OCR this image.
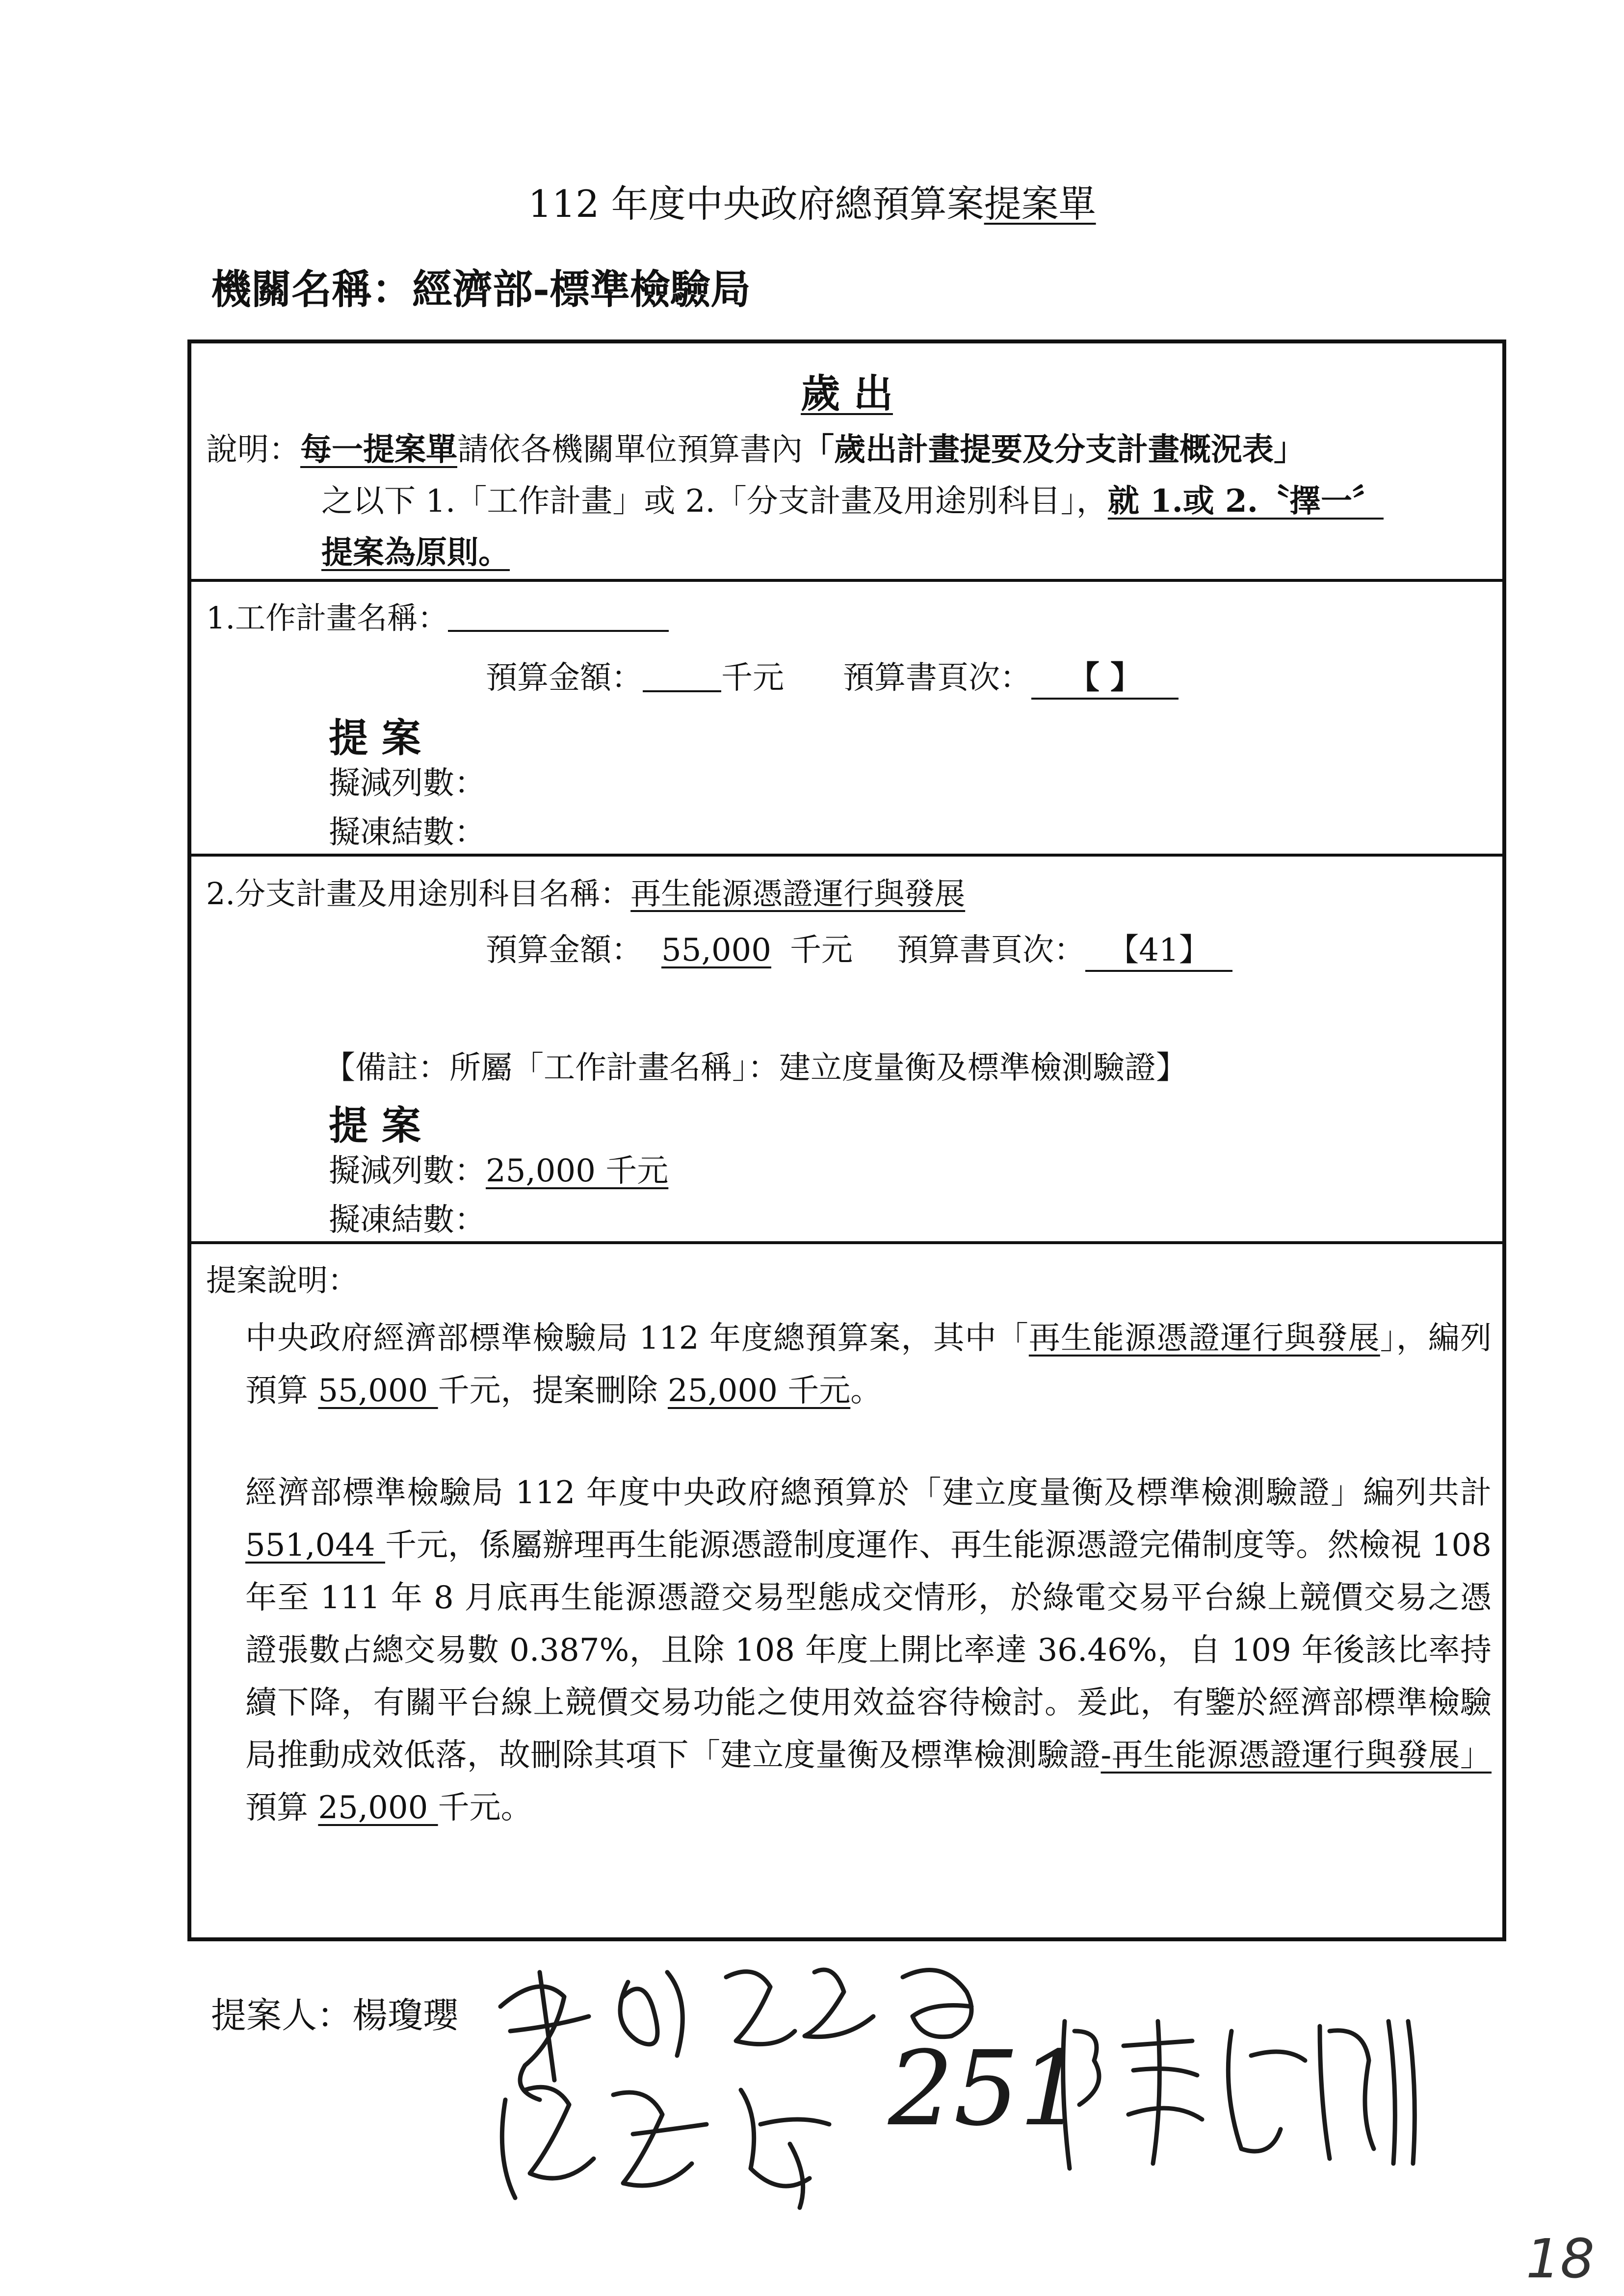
112 年度中央政府總預算案提案單
機關名稱：經濟部-標準檢驗局
歲 出
說明：每一提案單請依各機關單位預算書內「歲出計畫提要及分支計畫概況表」
之以下 1.「工作計畫」或 2.「分支計畫及用途別科目」，就 1.或 2.〝擇一〞
提案為原則。
1.工作計畫名稱：
預算金額：	千元 預算書頁次： 【 】
提 案
擬減列數：
擬凍結數：
2.分支計畫及用途別科目名稱：再生能源憑證運行與發展
預算金額： 55,000 千元 預算書頁次： 【41】
【備註：所屬「工作計畫名稱」：建立度量衡及標準檢測驗證】
提 案
擬減列數：25,000 千元
擬凍結數：
提案說明：
中央政府經濟部標準檢驗局 112 年度總預算案，其中「再生能源憑證運行與發展」，編列預算 55,000 千元，提案刪除 25,000 千元。
經濟部標準檢驗局 112 年度中央政府總預算於「建立度量衡及標準檢測驗證」編列共計 551,044 千元，係屬辦理再生能源憑證制度運作、再生能源憑證完備制度等。然檢視 108 年至 111 年 8 月底再生能源憑證交易型態成交情形，於綠電交易平台線上競價交易之憑證張數占總交易數 0.387%，且除 108 年度上開比率達 36.46%，自 109 年後該比率持續下降，有關平台線上競價交易功能之使用效益容待檢討。爰此，有鑒於經濟部標準檢驗局推動成效低落，故刪除其項下「建立度量衡及標準檢測驗證-再生能源憑證運行與發展」預算 25,000 千元。
提案人：楊瓊瓔
251
18
